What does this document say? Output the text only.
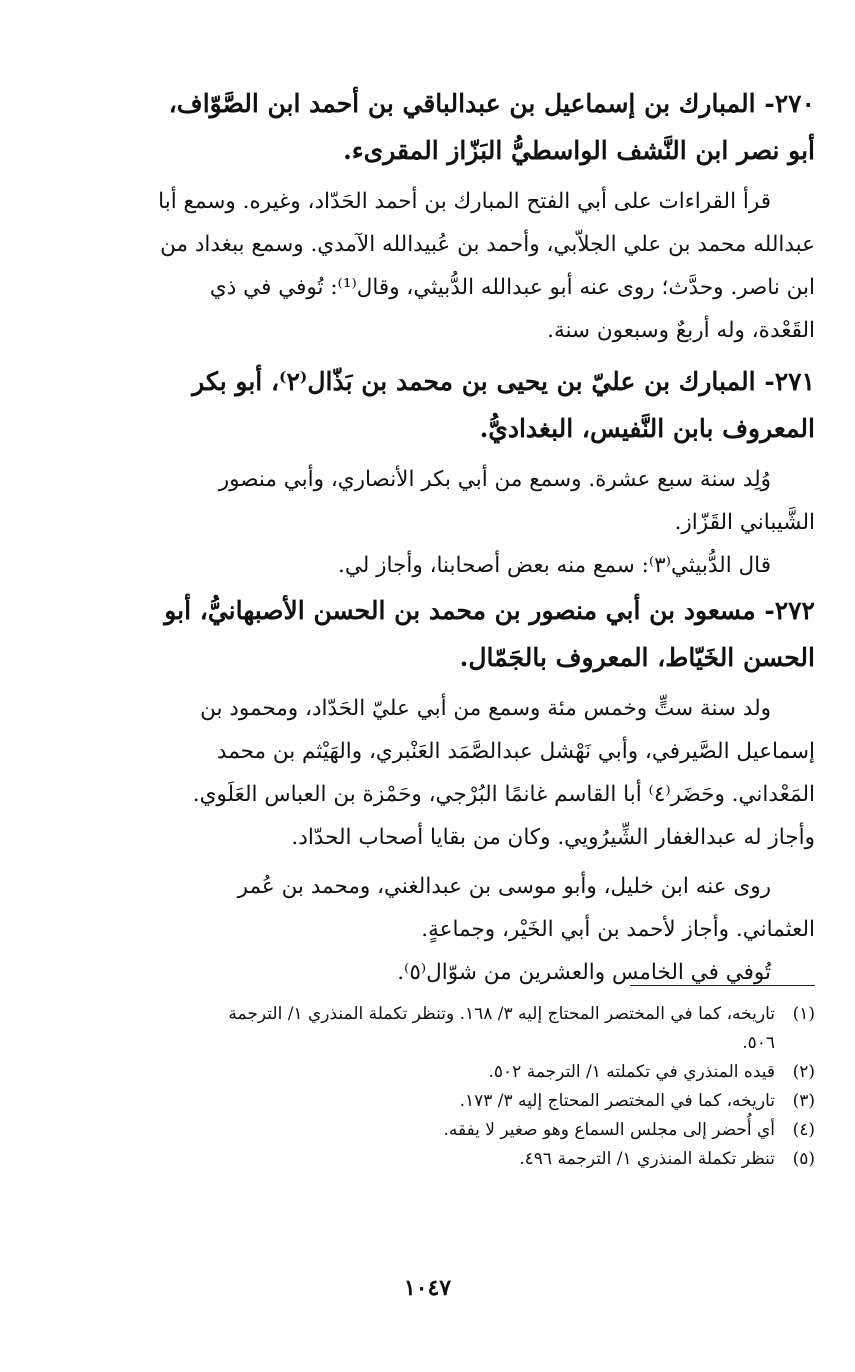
٢٧٠- المبارك بن إسماعيل بن عبدالباقي بن أحمد ابن الصَّوّاف،
أبو نصر ابن النَّشف الواسطيُّ البَزّاز المقرىء.
قرأ القراءات على أبي الفتح المبارك بن أحمد الحَدّاد، وغيره. وسمع أبا
عبدالله محمد بن علي الجلاّبي، وأحمد بن عُبيدالله الآمدي. وسمع ببغداد من
ابن ناصر. وحدَّث؛ روى عنه أبو عبدالله الدُّبيثي، وقال⁽¹⁾: تُوفي في ذي
القَعْدة، وله أربعٌ وسبعون سنة.
٢٧١- المبارك بن عليّ بن يحيى بن محمد بن بَذّال⁽٢⁾، أبو بكر
المعروف بابن النَّفيس، البغداديُّ.
وُلِد سنة سبع عشرة. وسمع من أبي بكر الأنصاري، وأبي منصور
الشَّيباني القَزّاز.
قال الدُّبيثي⁽٣⁾: سمع منه بعض أصحابنا، وأجاز لي.
٢٧٢- مسعود بن أبي منصور بن محمد بن الحسن الأصبهانيُّ، أبو
الحسن الخَيّاط، المعروف بالجَمّال.
ولد سنة ستٍّ وخمس مئة وسمع من أبي عليّ الحَدّاد، ومحمود بن
إسماعيل الصَّيرفي، وأبي نَهْشل عبدالصَّمَد العَنْبري، والهَيْثم بن محمد
المَعْداني. وحَضَر⁽٤⁾ أبا القاسم غانمًا البُرْجي، وحَمْزة بن العباس العَلَوي.
وأجاز له عبدالغفار الشِّيرُويي. وكان من بقايا أصحاب الحدّاد.
روى عنه ابن خليل، وأبو موسى بن عبدالغني، ومحمد بن عُمر
العثماني. وأجاز لأحمد بن أبي الخَيْر، وجماعةٍ.
تُوفي في الخامس والعشرين من شوّال⁽٥⁾.
(١)
تاريخه، كما في المختصر المحتاج إليه ٣/ ١٦٨. وتنظر تكملة المنذري ١/ الترجمة
٥٠٦.
(٢)
قيده المنذري في تكملته ١/ الترجمة ٥٠٢.
(٣)
تاريخه، كما في المختصر المحتاج إليه ٣/ ١٧٣.
(٤)
أي أُحضر إلى مجلس السماع وهو صغير لا يفقه.
(٥)
تنظر تكملة المنذري ١/ الترجمة ٤٩٦.
١٠٤٧
